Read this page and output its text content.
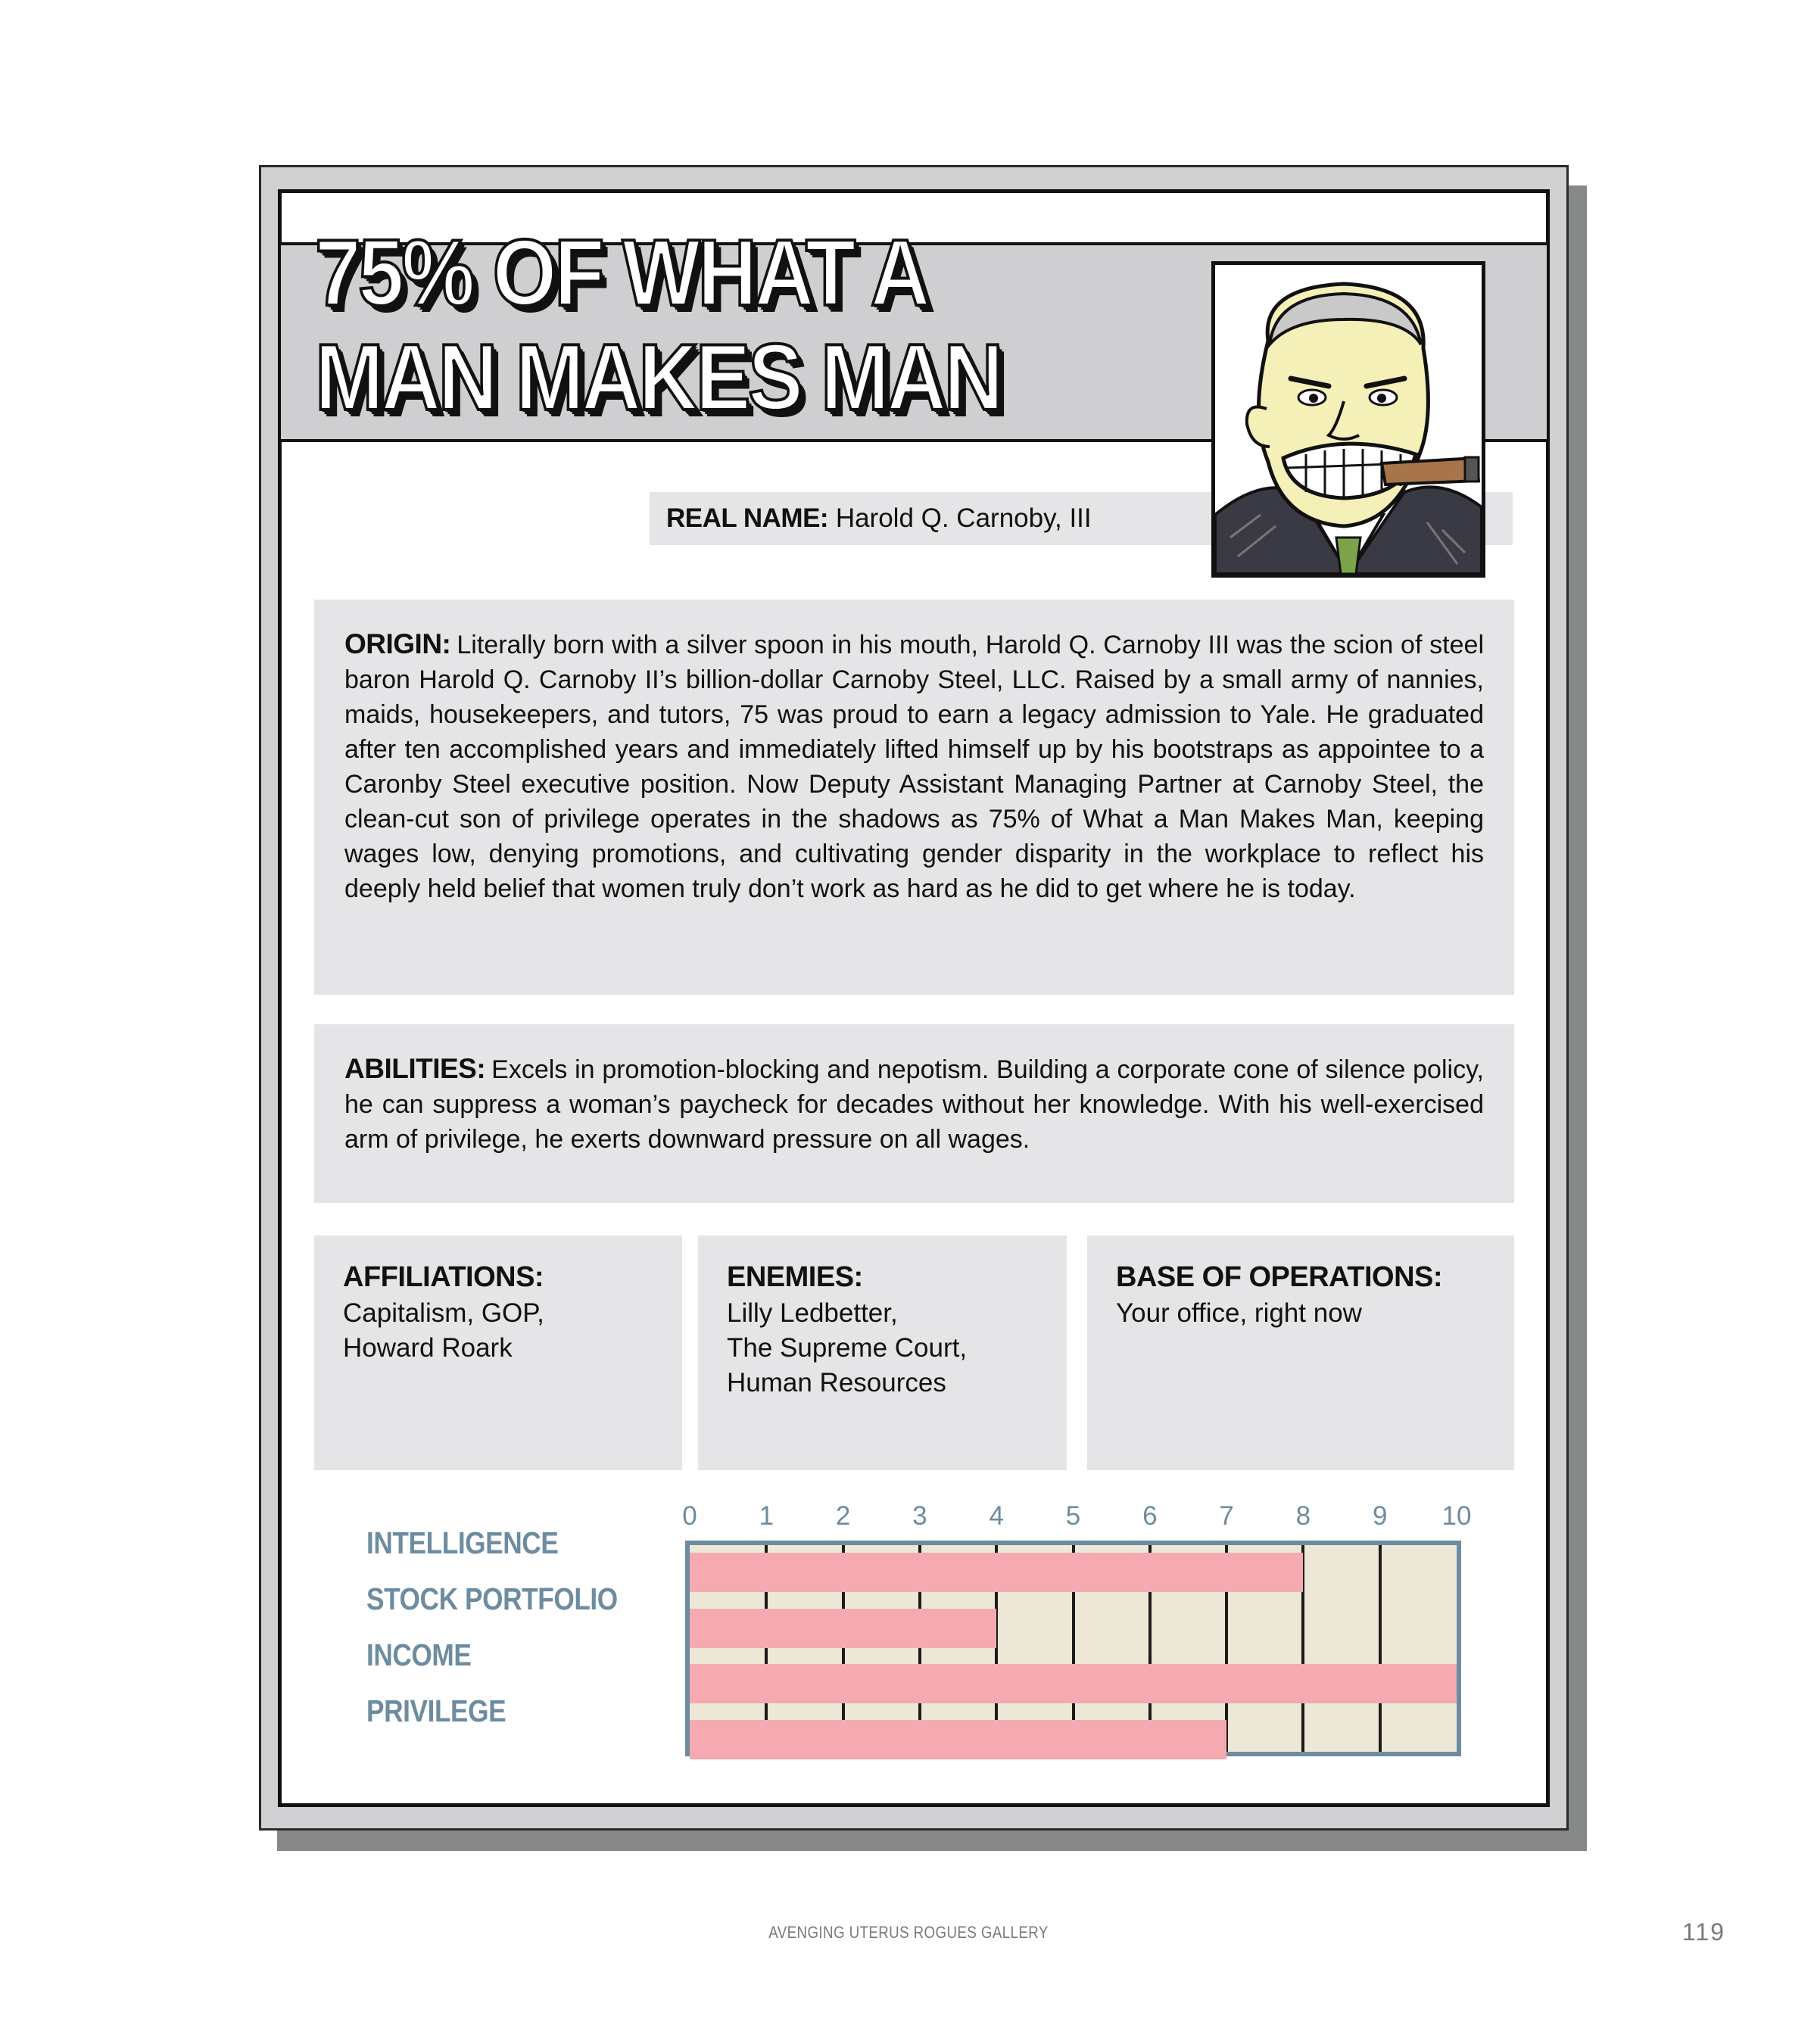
75% OF WHAT A
MAN MAKES MAN
REAL NAME: Harold Q. Carnoby, III

ORIGIN: Literally born with a silver spoon in his mouth, Harold Q. Carnoby III was the scion of steel baron Harold Q. Carnoby II’s billion-dollar Carnoby Steel, LLC. Raised by a small army of nannies, maids, housekeepers, and tutors, 75 was proud to earn a legacy admission to Yale. He graduated after ten accomplished years and immediately lifted himself up by his bootstraps as appointee to a Caronby Steel executive position. Now Deputy Assistant Managing Partner at Carnoby Steel, the clean-cut son of privilege operates in the shadows as 75% of What a Man Makes Man, keeping wages low, denying promotions, and cultivating gender disparity in the workplace to reflect his deeply held belief that women truly don’t work as hard as he did to get where he is today.

ABILITIES: Excels in promotion-blocking and nepotism. Building a corporate cone of silence policy, he can suppress a woman’s paycheck for decades without her knowledge. With his well-exercised arm of privilege, he exerts downward pressure on all wages.

AFFILIATIONS:
Capitalism, GOP,
Howard Roark
ENEMIES:
Lilly Ledbetter,
The Supreme Court,
Human Resources
BASE OF OPERATIONS:
Your office, right now
0 1 2 3 4 5 6 7 8 9 10
INTELLIGENCE
STOCK PORTFOLIO
INCOME
PRIVILEGE
AVENGING UTERUS ROGUES GALLERY	119
